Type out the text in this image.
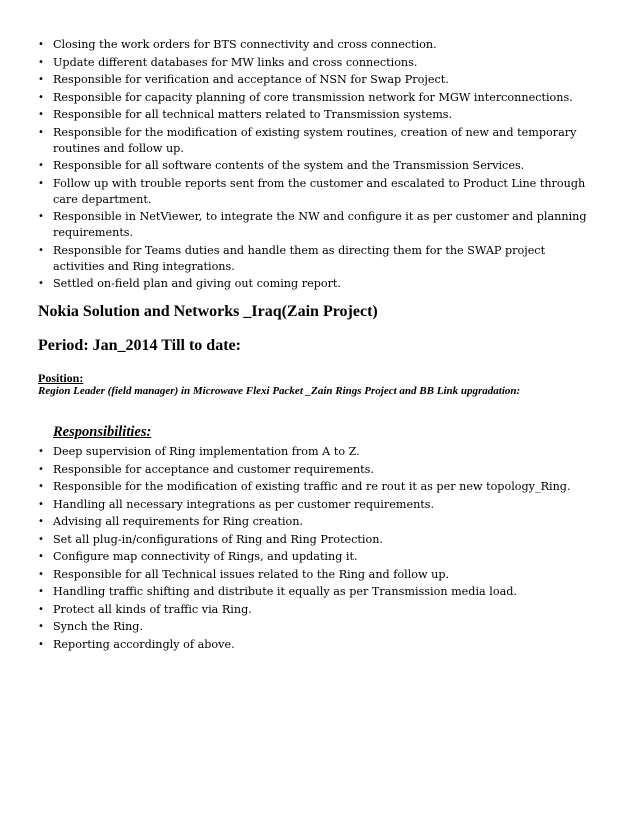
• Closing the work orders for BTS connectivity and cross connection.
• Update different databases for MW links and cross connections.
• Responsible for verification and acceptance of NSN for Swap Project.
• Responsible for capacity planning of core transmission network for MGW interconnections.
• Responsible for all technical matters related to Transmission systems.
• Responsible for the modification of existing system routines, creation of new and temporary routines and follow up.
• Responsible for all software contents of the system and the Transmission Services.
• Follow up with trouble reports sent from the customer and escalated to Product Line through care department.
• Responsible in NetViewer, to integrate the NW and configure it as per customer and planning requirements.
• Responsible for Teams duties and handle them as directing them for the SWAP project activities and Ring integrations.
• Settled on-field plan and giving out coming report.
Nokia Solution and Networks _Iraq(Zain Project)
Period: Jan_2014 Till to date:
Position:
Region Leader (field manager) in Microwave Flexi Packet _Zain Rings Project and BB Link upgradation:
Responsibilities:
• Deep supervision of Ring implementation from A to Z.
• Responsible for acceptance and customer requirements.
• Responsible for the modification of existing traffic and re rout it as per new topology_Ring.
• Handling all necessary integrations as per customer requirements.
• Advising all requirements for Ring creation.
• Set all plug-in/configurations of Ring and Ring Protection.
• Configure map connectivity of Rings, and updating it.
• Responsible for all Technical issues related to the Ring and follow up.
• Handling traffic shifting and distribute it equally as per Transmission media load.
• Protect all kinds of traffic via Ring.
• Synch the Ring.
• Reporting accordingly of above.
